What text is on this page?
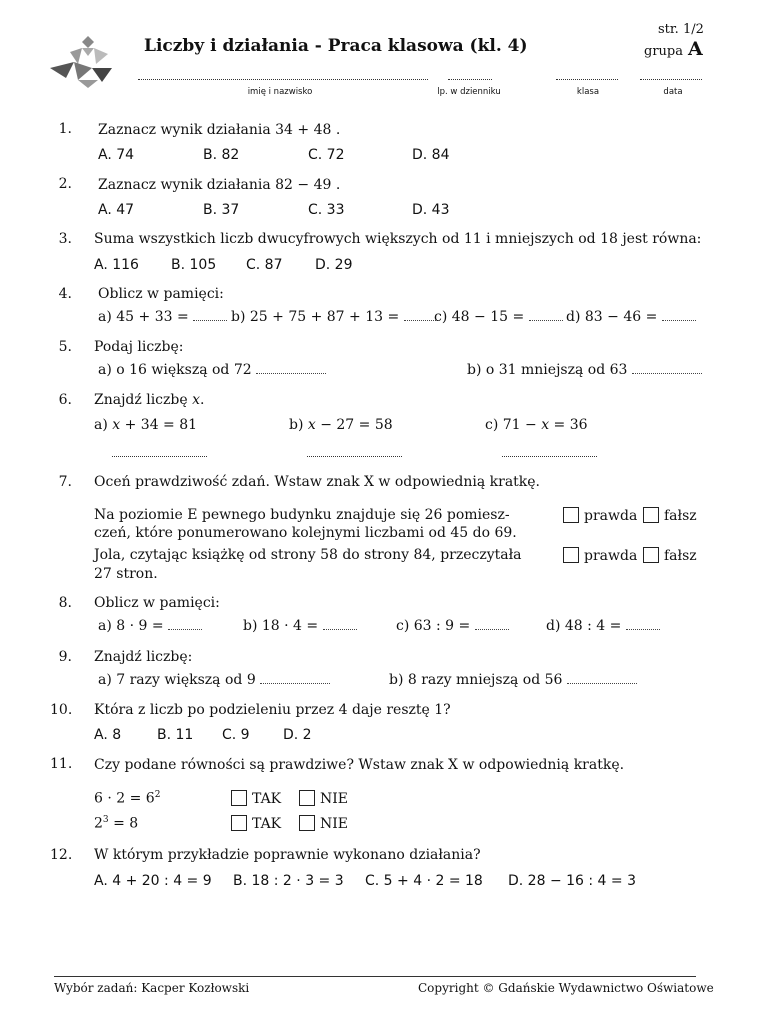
Liczby i działania - Praca klasowa (kl. 4)
str. 1/2
grupa A
imię i nazwisko	lp. w dzienniku	klasa	data
1. Zaznacz wynik działania 34 + 48 .
A. 74	B. 82	C. 72	D. 84
2. Zaznacz wynik działania 82 − 49 .
A. 47	B. 37	C. 33	D. 43
3. Suma wszystkich liczb dwucyfrowych większych od 11 i mniejszych od 18 jest równa:
A. 116 B. 105 C. 87 D. 29
4. Oblicz w pamięci:
a) 45 + 33 =	b) 25 + 75 + 87 + 13 =	c) 48 − 15 =	d) 83 − 46 =
5. Podaj liczbę:
a) o 16 większą od 72	b) o 31 mniejszą od 63
6. Znajdź liczbę 𝑥.
a) 𝑥 + 34 = 81	b) 𝑥 − 27 = 58	c) 71 − 𝑥 = 36
7. Oceń prawdziwość zdań. Wstaw znak X w odpowiednią kratkę.
Na poziomie E pewnego budynku znajduje się 26 pomiesz-
czeń, które ponumerowano kolejnymi liczbami od 45 do 69.
prawda	fałsz
Jola, czytając książkę od strony 58 do strony 84, przeczytała
27 stron.
prawda	fałsz
8. Oblicz w pamięci:
a) 8 · 9 =	b) 18 · 4 =	c) 63 : 9 =	d) 48 : 4 =
9. Znajdź liczbę:
a) 7 razy większą od 9	b) 8 razy mniejszą od 56
10. Która z liczb po podzieleniu przez 4 daje resztę 1?
A. 8	B. 11 C. 9 D. 2
11. Czy podane równości są prawdziwe? Wstaw znak X w odpowiednią kratkę.
$6 \cdot 2 = 6^2$	TAK	NIE
$2^3 = 8$	TAK	NIE
12. W którym przykładzie poprawnie wykonano działania?
A. 4 + 20 : 4 = 9 B. 18 : 2 · 3 = 3 C. 5 + 4 · 2 = 18 D. 28 − 16 : 4 = 3
Wybór zadań: Kacper Kozłowski	Copyright © Gdańskie Wydawnictwo Oświatowe
